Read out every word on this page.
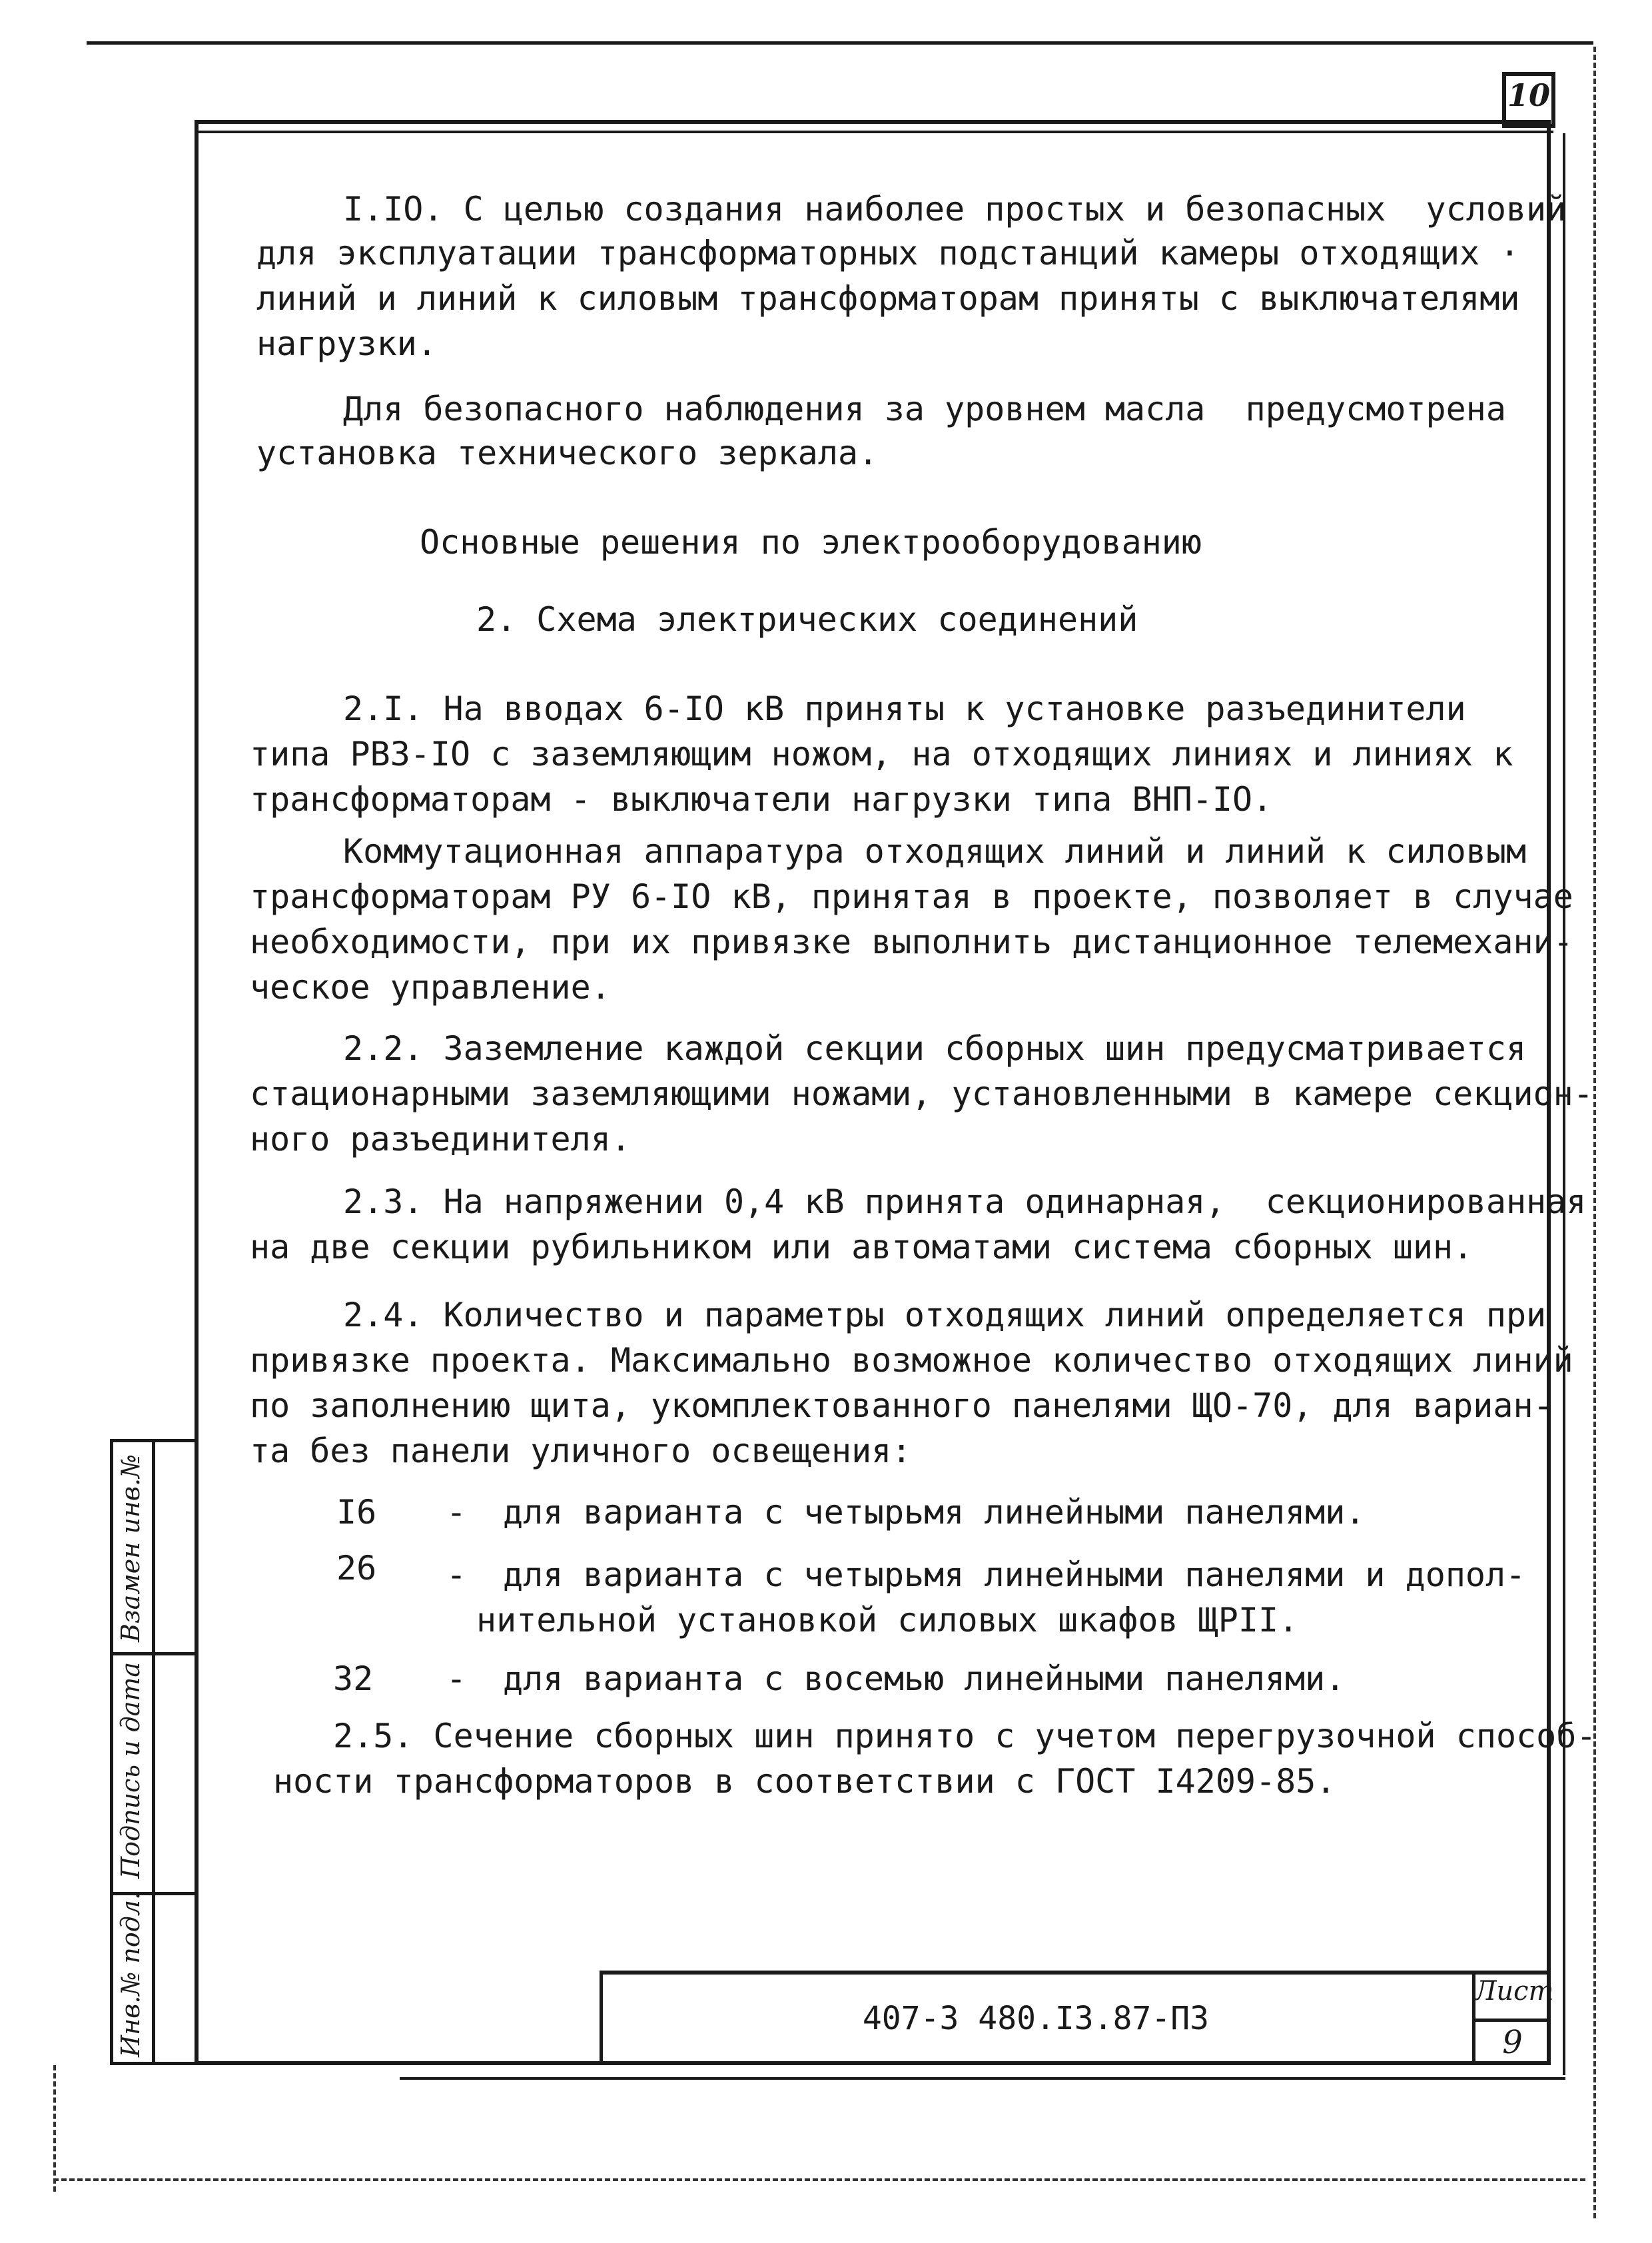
10
I.IO. С целью создания наиболее простых и безопасных  условий
для эксплуатации трансформаторных подстанций камеры отходящих ·
линий и линий к силовым трансформаторам приняты с выключателями
нагрузки.
Для безопасного наблюдения за уровнем масла  предусмотрена
установка технического зеркала.
Основные решения по электрооборудованию
2. Схема электрических соединений
2.I. На вводах 6-IO кВ приняты к установке разъединители
типа РВЗ-IO с заземляющим ножом, на отходящих линиях и линиях к
трансформаторам - выключатели нагрузки типа ВНП-IO.
Коммутационная аппаратура отходящих линий и линий к силовым
трансформаторам РУ 6-IO кВ, принятая в проекте, позволяет в случае
необходимости, при их привязке выполнить дистанционное телемехани-
ческое управление.
2.2. Заземление каждой секции сборных шин предусматривается
стационарными заземляющими ножами, установленными в камере секцион-
ного разъединителя.
2.3. На напряжении 0,4 кВ принята одинарная,  секционированная
на две секции рубильником или автоматами система сборных шин.
2.4. Количество и параметры отходящих линий определяется при
привязке проекта. Максимально возможное количество отходящих линий
по заполнению щита, укомплектованного панелями ЩО-70, для вариан-
та без панели уличного освещения:
I6 - для варианта с четырьмя линейными панелями.
26 - для варианта с четырьмя линейными панелями и допол-
нительной установкой силовых шкафов ЩРII.
32 - для варианта с восемью линейными панелями.
2.5. Сечение сборных шин принято с учетом перегрузочной способ-
ности трансформаторов в соответствии с ГОСТ I4209-85.
Взамен инв.№
Подпись и дата
Инв.№ подл.	407-3 480.I3.87-ПЗ
Лист
9
